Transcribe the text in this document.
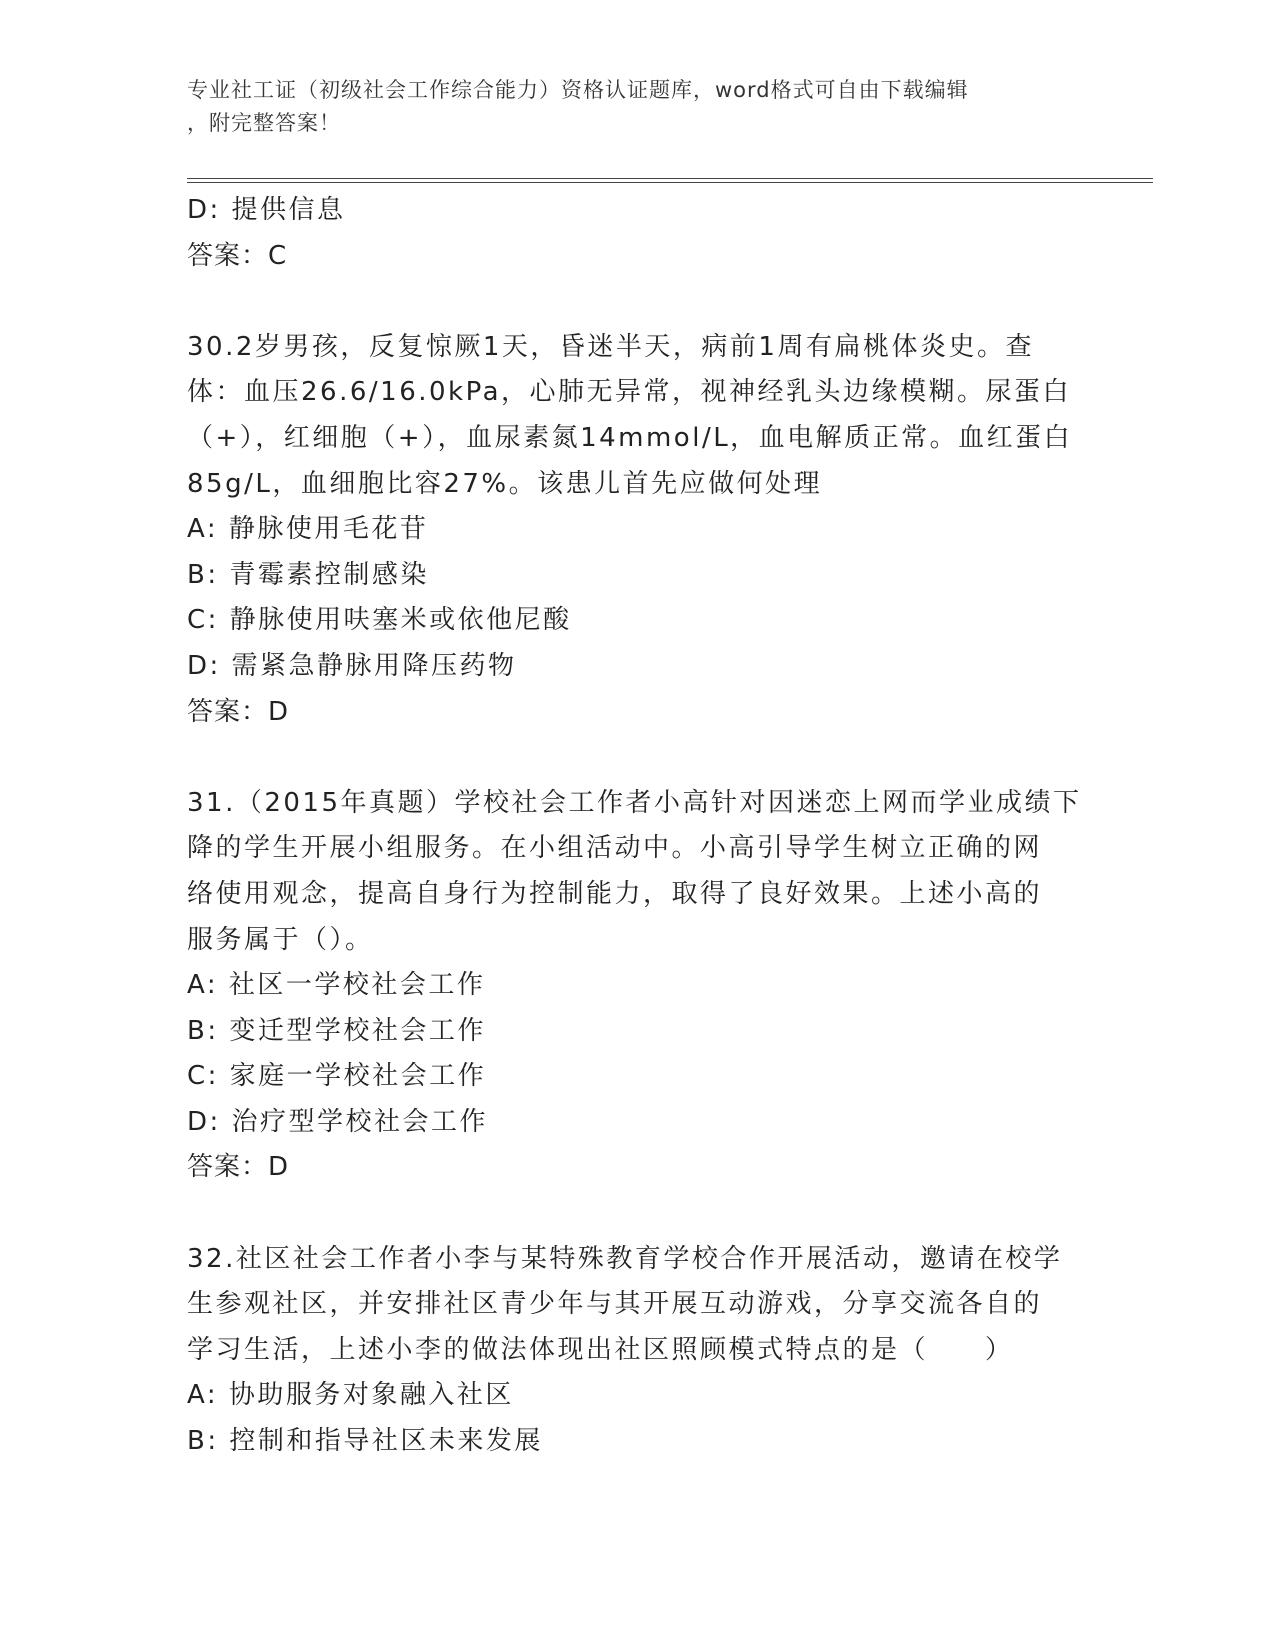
专业社工证（初级社会工作综合能力）资格认证题库，word格式可自由下载编辑
，附完整答案！
D: 提供信息
答案：C
30.2岁男孩，反复惊厥1天，昏迷半天，病前1周有扁桃体炎史。查
体：血压26.6/16.0kPa，心肺无异常，视神经乳头边缘模糊。尿蛋白
（+），红细胞（+），血尿素氮14mmol/L，血电解质正常。血红蛋白
85g/L，血细胞比容27%。该患儿首先应做何处理
A: 静脉使用毛花苷
B: 青霉素控制感染
C: 静脉使用呋塞米或依他尼酸
D: 需紧急静脉用降压药物
答案：D
31.（2015年真题）学校社会工作者小高针对因迷恋上网而学业成绩下
降的学生开展小组服务。在小组活动中。小高引导学生树立正确的网
络使用观念，提高自身行为控制能力，取得了良好效果。上述小高的
服务属于（）。
A: 社区一学校社会工作
B: 变迁型学校社会工作
C: 家庭一学校社会工作
D: 治疗型学校社会工作
答案：D
32.社区社会工作者小李与某特殊教育学校合作开展活动，邀请在校学
生参观社区，并安排社区青少年与其开展互动游戏，分享交流各自的
学习生活，上述小李的做法体现出社区照顾模式特点的是（　　）
A: 协助服务对象融入社区
B: 控制和指导社区未来发展
